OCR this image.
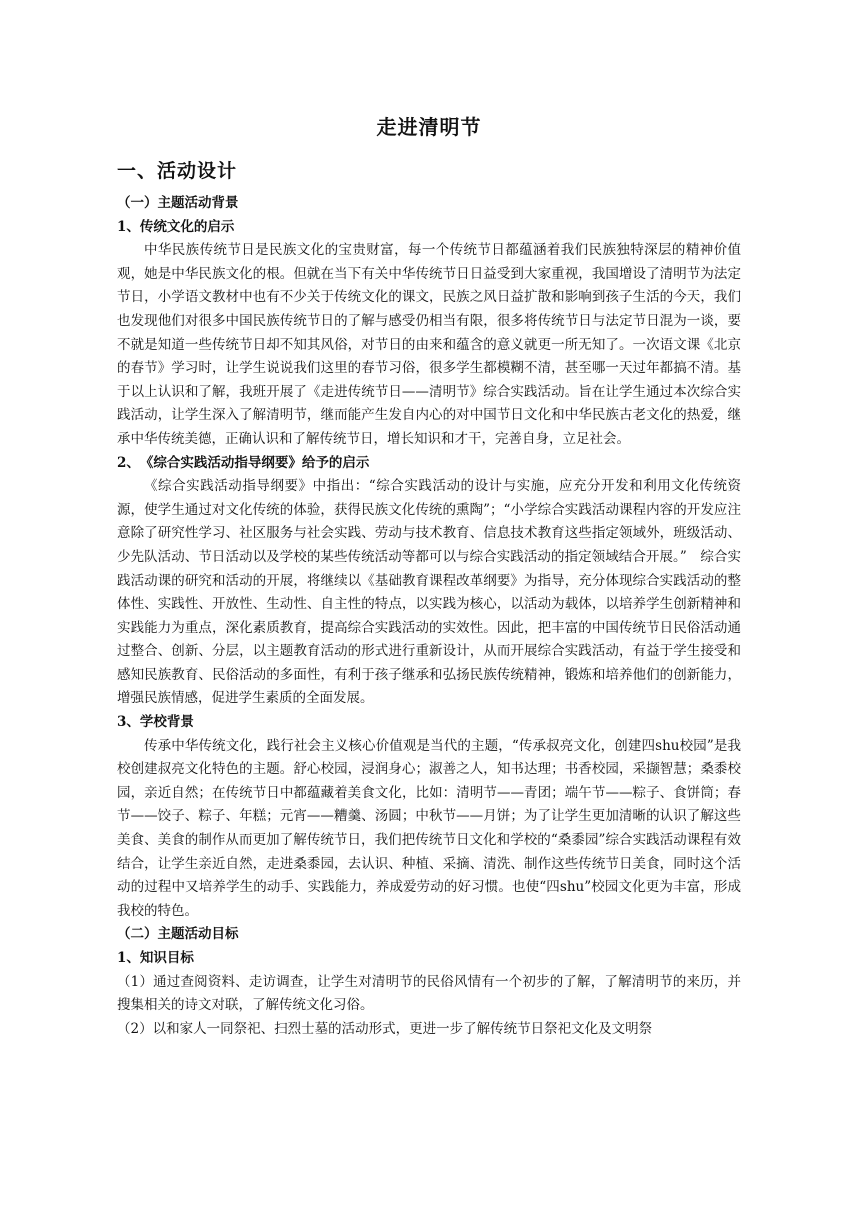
走进清明节
一、活动设计
（一）主题活动背景
1、传统文化的启示

中华民族传统节日是民族文化的宝贵财富，每一个传统节日都蕴涵着我们民族独特深层的精神价值观，她是中华民族文化的根。但就在当下有关中华传统节日日益受到大家重视，我国增设了清明节为法定节日，小学语文教材中也有不少关于传统文化的课文，民族之风日益扩散和影响到孩子生活的今天，我们也发现他们对很多中国民族传统节日的了解与感受仍相当有限，很多将传统节日与法定节日混为一谈，要不就是知道一些传统节日却不知其风俗，对节日的由来和蕴含的意义就更一所无知了。一次语文课《北京的春节》学习时，让学生说说我们这里的春节习俗，很多学生都模糊不清，甚至哪一天过年都搞不清。基于以上认识和了解，我班开展了《走进传统节日——清明节》综合实践活动。旨在让学生通过本次综合实践活动，让学生深入了解清明节，继而能产生发自内心的对中国节日文化和中华民族古老文化的热爱，继承中华传统美德，正确认识和了解传统节日，增长知识和才干，完善自身，立足社会。

2、　《综合实践活动指导纲要》给予的启示

《综合实践活动指导纲要》中指出：“综合实践活动的设计与实施，应充分开发和利用文化传统资源，使学生通过对文化传统的体验，获得民族文化传统的熏陶”；“小学综合实践活动课程内容的开发应注意除了研究性学习、社区服务与社会实践、劳动与技术教育、信息技术教育这些指定领域外，班级活动、少先队活动、节日活动以及学校的某些传统活动等都可以与综合实践活动的指定领域结合开展。”　综合实践活动课的研究和活动的开展，将继续以《基础教育课程改革纲要》为指导，充分体现综合实践活动的整体性、实践性、开放性、生动性、自主性的特点，以实践为核心，以活动为载体，以培养学生创新精神和实践能力为重点，深化素质教育，提高综合实践活动的实效性。因此，把丰富的中国传统节日民俗活动通过整合、创新、分层，以主题教育活动的形式进行重新设计，从而开展综合实践活动，有益于学生接受和感知民族教育、民俗活动的多面性，有利于孩子继承和弘扬民族传统精神，锻炼和培养他们的创新能力，增强民族情感，促进学生素质的全面发展。

3、学校背景

传承中华传统文化，践行社会主义核心价值观是当代的主题，“传承叔亮文化，创建四shu校园”是我校创建叔亮文化特色的主题。舒心校园，浸润身心；淑善之人，知书达理；书香校园，采撷智慧；桑黍校园，亲近自然；在传统节日中都蕴藏着美食文化，比如：清明节——青团；端午节——粽子、食饼筒；春节——饺子、粽子、年糕；元宵——糟羹、汤圆；中秋节——月饼；为了让学生更加清晰的认识了解这些美食、美食的制作从而更加了解传统节日，我们把传统节日文化和学校的“桑黍园”综合实践活动课程有效结合，让学生亲近自然，走进桑黍园，去认识、种植、采摘、清洗、制作这些传统节日美食，同时这个活动的过程中又培养学生的动手、实践能力，养成爱劳动的好习惯。也使“四shu”校园文化更为丰富，形成我校的特色。

（二）主题活动目标
1、知识目标

（1）通过查阅资料、走访调查，让学生对清明节的民俗风情有一个初步的了解，了解清明节的来历，并搜集相关的诗文对联，了解传统文化习俗。

（2）以和家人一同祭祀、扫烈士墓的活动形式，更进一步了解传统节日祭祀文化及文明祭
